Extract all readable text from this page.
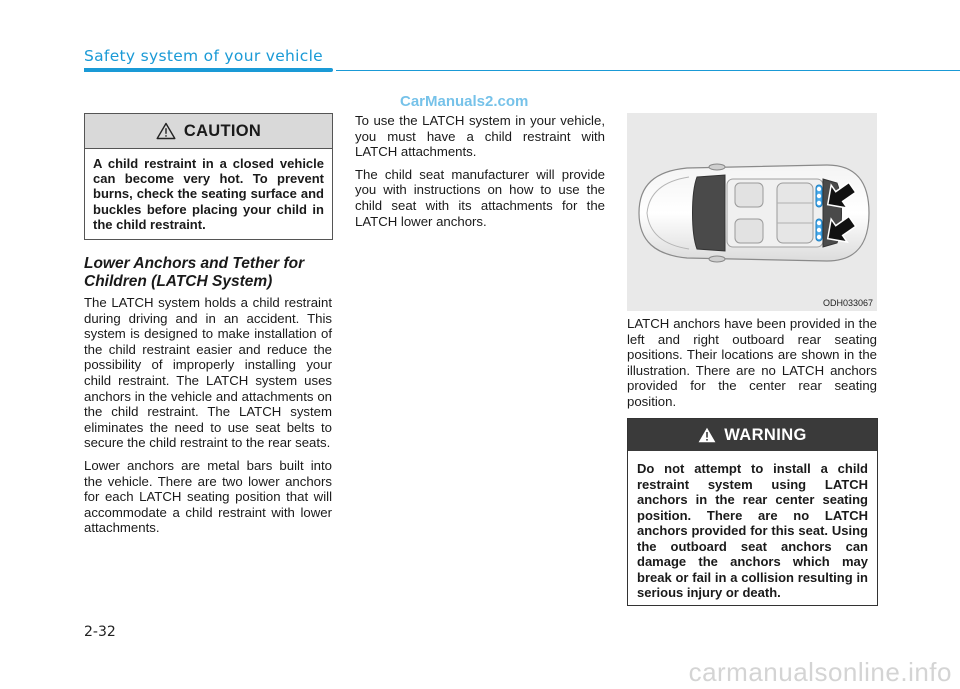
Safety system of your vehicle
CarManuals2.com
CAUTION
A child restraint in a closed vehicle can become very hot. To prevent burns, check the seating surface and buckles before placing your child in the child restraint.
Lower Anchors and Tether for Children (LATCH System)

The LATCH system holds a child restraint during driving and in an accident. This system is designed to make installation of the child restraint easier and reduce the possibility of improperly installing your child restraint. The LATCH system uses anchors in the vehicle and attachments on the child restraint. The LATCH system eliminates the need to use seat belts to secure the child restraint to the rear seats.

Lower anchors are metal bars built into the vehicle. There are two lower anchors for each LATCH seating position that will accommodate a child restraint with lower attachments.

To use the LATCH system in your vehicle, you must have a child restraint with LATCH attachments.

The child seat manufacturer will provide you with instructions on how to use the child seat with its attachments for the LATCH lower anchors.

ODH033067

LATCH anchors have been provided in the left and right outboard rear seating positions. Their locations are shown in the illustration. There are no LATCH anchors provided for the center rear seating position.

WARNING
Do not attempt to install a child restraint system using LATCH anchors in the rear center seating position. There are no LATCH anchors provided for this seat. Using the outboard seat anchors can damage the anchors which may break or fail in a collision resulting in serious injury or death.
2-32
carmanualsonline.info
